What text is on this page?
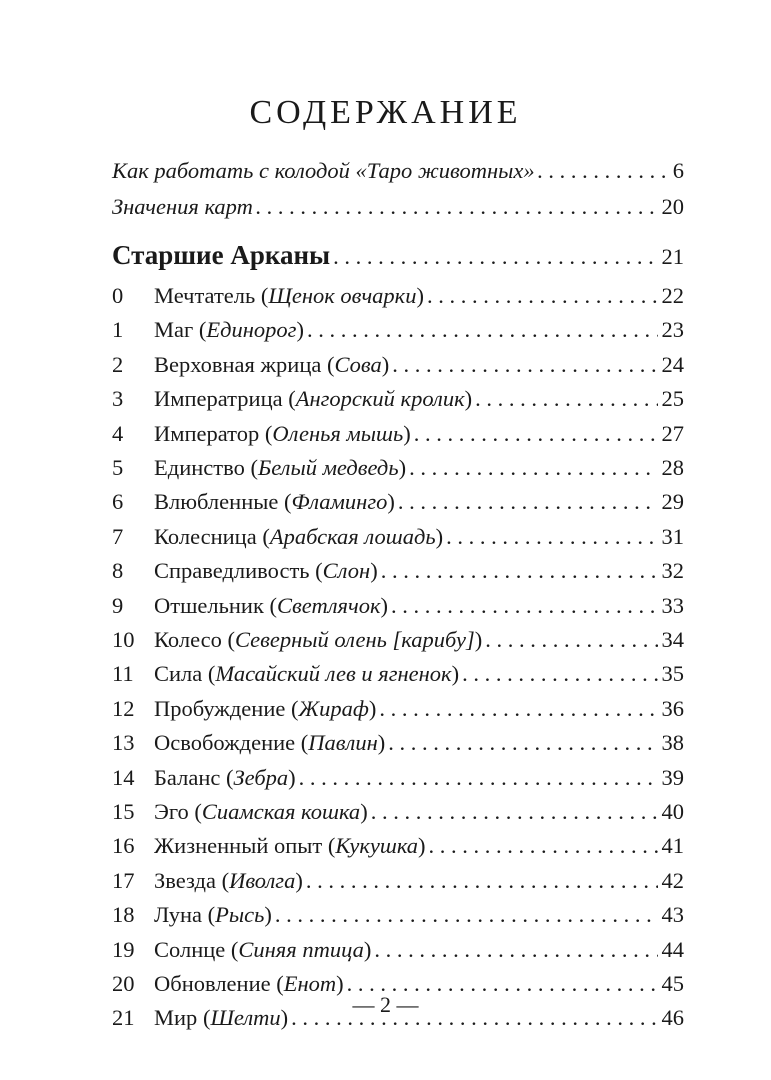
СОДЕРЖАНИЕ
Как работать с колодой «Таро животных» . . .	6
Значения карт . . .	20
Старшие Арканы . . .	21
0 Мечтатель (Щенок овчарки) . . .	22
1 Маг (Единорог) . . .	23
2 Верховная жрица (Сова) . . .	24
3 Императрица (Ангорский кролик) . . .	25
4 Император (Оленья мышь) . . .	27
5 Единство (Белый медведь) . . .	28
6 Влюбленные (Фламинго) . . .	29
7 Колесница (Арабская лошадь) . . .	31
8 Справедливость (Слон) . . .	32
9 Отшельник (Светлячок) . . .	33
10 Колесо (Северный олень [карибу]) . . .	34
11 Сила (Масайский лев и ягненок) . . .	35
12 Пробуждение (Жираф) . . .	36
13 Освобождение (Павлин) . . .	38
14 Баланс (Зебра) . . .	39
15 Эго (Сиамская кошка) . . .	40
16 Жизненный опыт (Кукушка) . . .	41
17 Звезда (Иволга) . . .	42
18 Луна (Рысь) . . .	43
19 Солнце (Синяя птица) . . .	44
20 Обновление (Енот) . . .	45
21 Мир (Шелти) . . .	46
— 2 —
